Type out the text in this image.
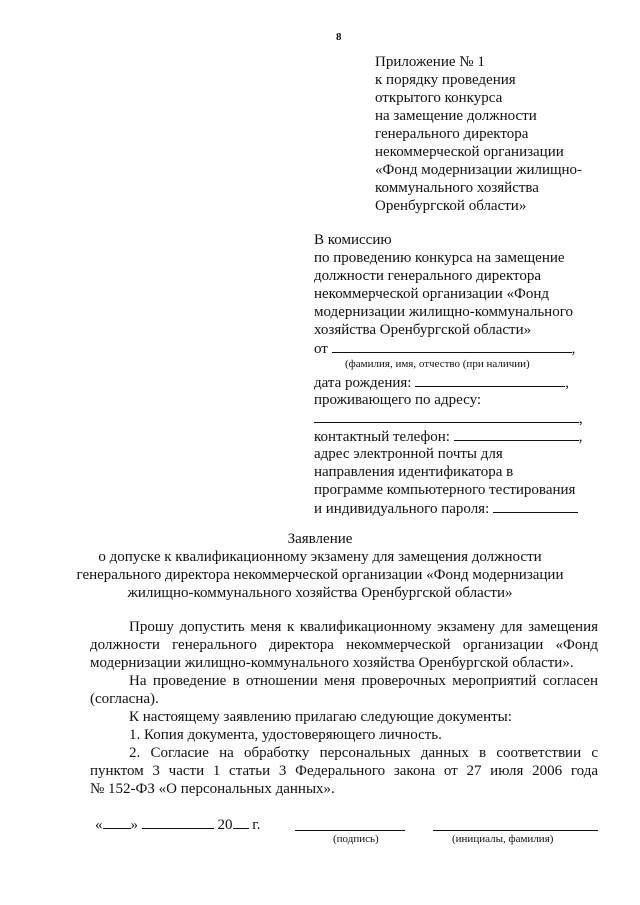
8
Приложение № 1
к порядку проведения
открытого конкурса
на замещение должности
генерального директора
некоммерческой организации
«Фонд модернизации жилищно-
коммунального хозяйства
Оренбургской области»
В комиссию
по проведению конкурса на замещение
должности генерального директора
некоммерческой организации «Фонд
модернизации жилищно-коммунального
хозяйства Оренбургской области»
от	,
(фамилия, имя, отчество (при наличии)
дата рождения:	,
проживающего по адресу:
,
контактный телефон:	,
адрес электронной почты для
направления идентификатора в
программе компьютерного тестирования
и индивидуального пароля:
Заявление
о допуске к квалификационному экзамену для замещения должности
генерального директора некоммерческой организации «Фонд модернизации
жилищно-коммунального хозяйства Оренбургской области»
Прошу допустить меня к квалификационному экзамену для замещения
должности генерального директора некоммерческой организации «Фонд
модернизации жилищно-коммунального хозяйства Оренбургской области».
На проведение в отношении меня проверочных мероприятий согласен
(согласна).
К настоящему заявлению прилагаю следующие документы:
1. Копия документа, удостоверяющего личность.
2. Согласие на обработку персональных данных в соответствии с
пунктом 3 части 1 статьи 3 Федерального закона от 27 июля 2006 года
№ 152-ФЗ «О персональных данных».
« »	20 г.
(подпись)	(инициалы, фамилия)
